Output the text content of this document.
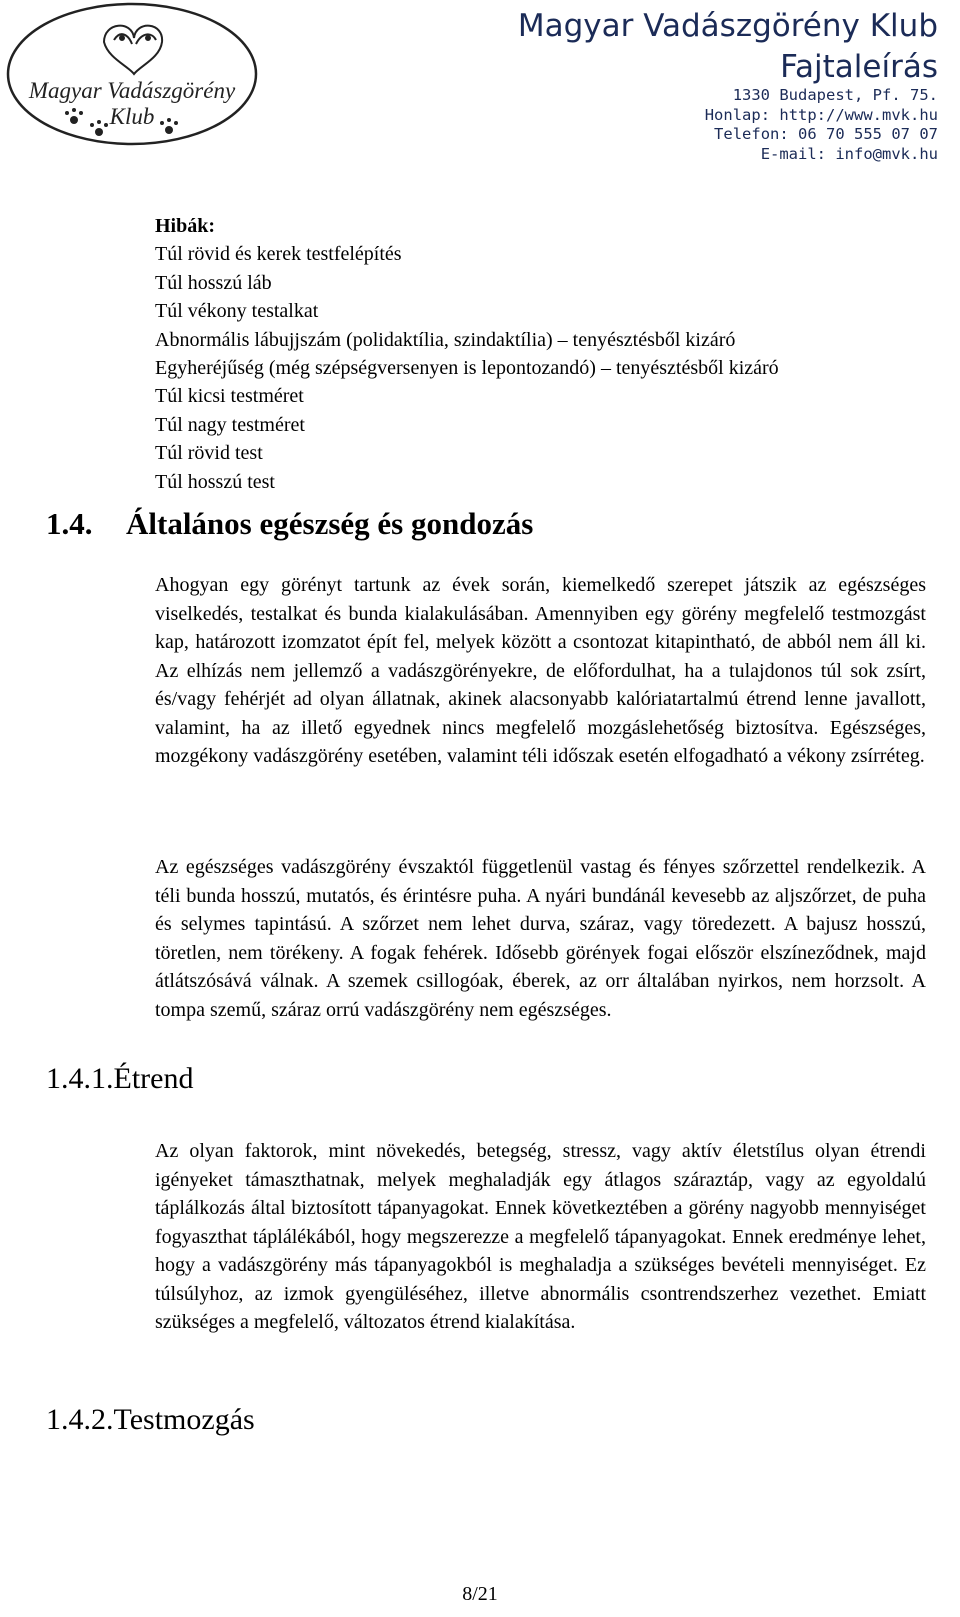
Magyar Vadászgörény
Klub
Magyar Vadászgörény Klub
Fajtaleírás
1330 Budapest, Pf. 75.
Honlap: http://www.mvk.hu
Telefon: 06 70 555 07 07
E-mail: info@mvk.hu
Hibák:
Túl rövid és kerek testfelépítés
Túl hosszú láb
Túl vékony testalkat
Abnormális lábujjszám (polidaktília, szindaktília) – tenyésztésből kizáró
Egyheréjűség (még szépségversenyen is lepontozandó) – tenyésztésből kizáró
Túl kicsi testméret
Túl nagy testméret
Túl rövid test
Túl hosszú test
1.4. Általános egészség és gondozás
Ahogyan egy görényt tartunk az évek során, kiemelkedő szerepet játszik az egészséges viselkedés, testalkat és bunda kialakulásában. Amennyiben egy görény megfelelő testmozgást kap, határozott izomzatot épít fel, melyek között a csontozat kitapintható, de abból nem áll ki. Az elhízás nem jellemző a vadászgörényekre, de előfordulhat, ha a tulajdonos túl sok zsírt, és/vagy fehérjét ad olyan állatnak, akinek alacsonyabb kalóriatartalmú étrend lenne javallott, valamint, ha az illető egyednek nincs megfelelő mozgáslehetőség biztosítva. Egészséges, mozgékony vadászgörény esetében, valamint téli időszak esetén elfogadható a vékony zsírréteg.
Az egészséges vadászgörény évszaktól függetlenül vastag és fényes szőrzettel rendelkezik. A téli bunda hosszú, mutatós, és érintésre puha. A nyári bundánál kevesebb az aljszőrzet, de puha és selymes tapintású. A szőrzet nem lehet durva, száraz, vagy töredezett. A bajusz hosszú, töretlen, nem törékeny. A fogak fehérek. Idősebb görények fogai először elszíneződnek, majd átlátszósává válnak. A szemek csillogóak, éberek, az orr általában nyirkos, nem horzsolt. A tompa szemű, száraz orrú vadászgörény nem egészséges.
1.4.1.Étrend
Az olyan faktorok, mint növekedés, betegség, stressz, vagy aktív életstílus olyan étrendi igényeket támaszthatnak, melyek meghaladják egy átlagos száraztáp, vagy az egyoldalú táplálkozás által biztosított tápanyagokat. Ennek következtében a görény nagyobb mennyiséget fogyaszthat táplálékából, hogy megszerezze a megfelelő tápanyagokat. Ennek eredménye lehet, hogy a vadászgörény más tápanyagokból is meghaladja a szükséges bevételi mennyiséget. Ez túlsúlyhoz, az izmok gyengüléséhez, illetve abnormális csontrendszerhez vezethet. Emiatt szükséges a megfelelő, változatos étrend kialakítása.
1.4.2.Testmozgás
8/21
